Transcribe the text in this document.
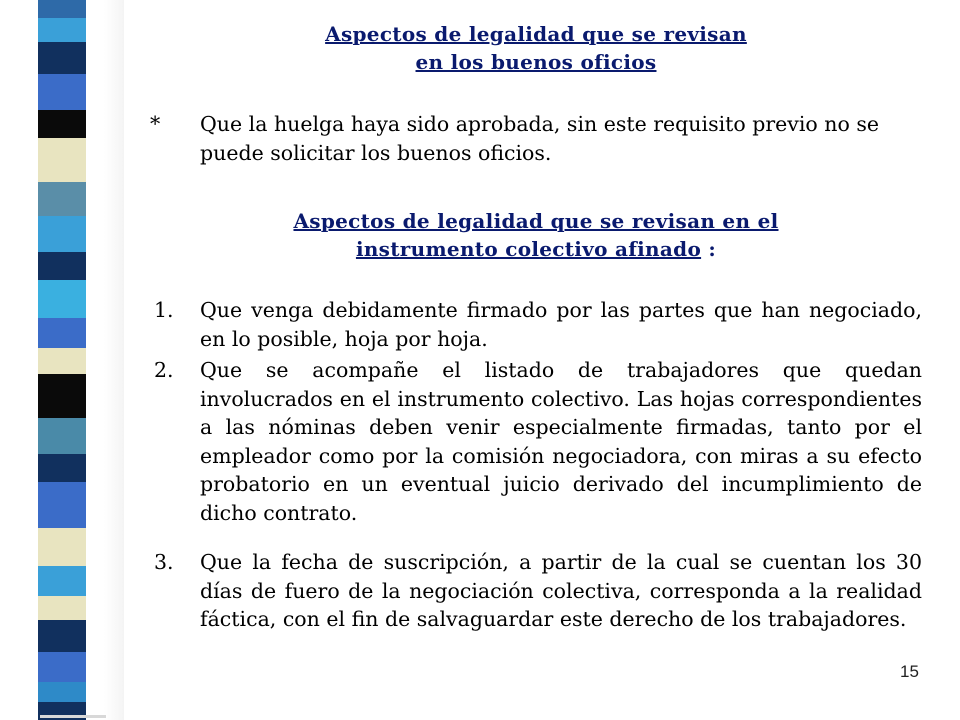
Aspectos de legalidad que se revisan
en los buenos oficios
*	Que la huelga haya sido aprobada, sin este requisito previo no se puede solicitar los buenos oficios.
Aspectos de legalidad que se revisan en el
instrumento colectivo afinado :
1.	Que venga debidamente firmado por las partes que han negociado, en lo posible, hoja por hoja.
2.	Que se acompañe el listado de trabajadores que quedan involucrados en el instrumento colectivo. Las hojas correspondientes a las nóminas deben venir especialmente firmadas, tanto por el empleador como por la comisión negociadora, con miras a su efecto probatorio en un eventual juicio derivado del incumplimiento de dicho contrato.
3.	Que la fecha de suscripción, a partir de la cual se cuentan los 30 días de fuero de la negociación colectiva, corresponda a la realidad fáctica, con el fin de salvaguardar este derecho de los trabajadores.
15
